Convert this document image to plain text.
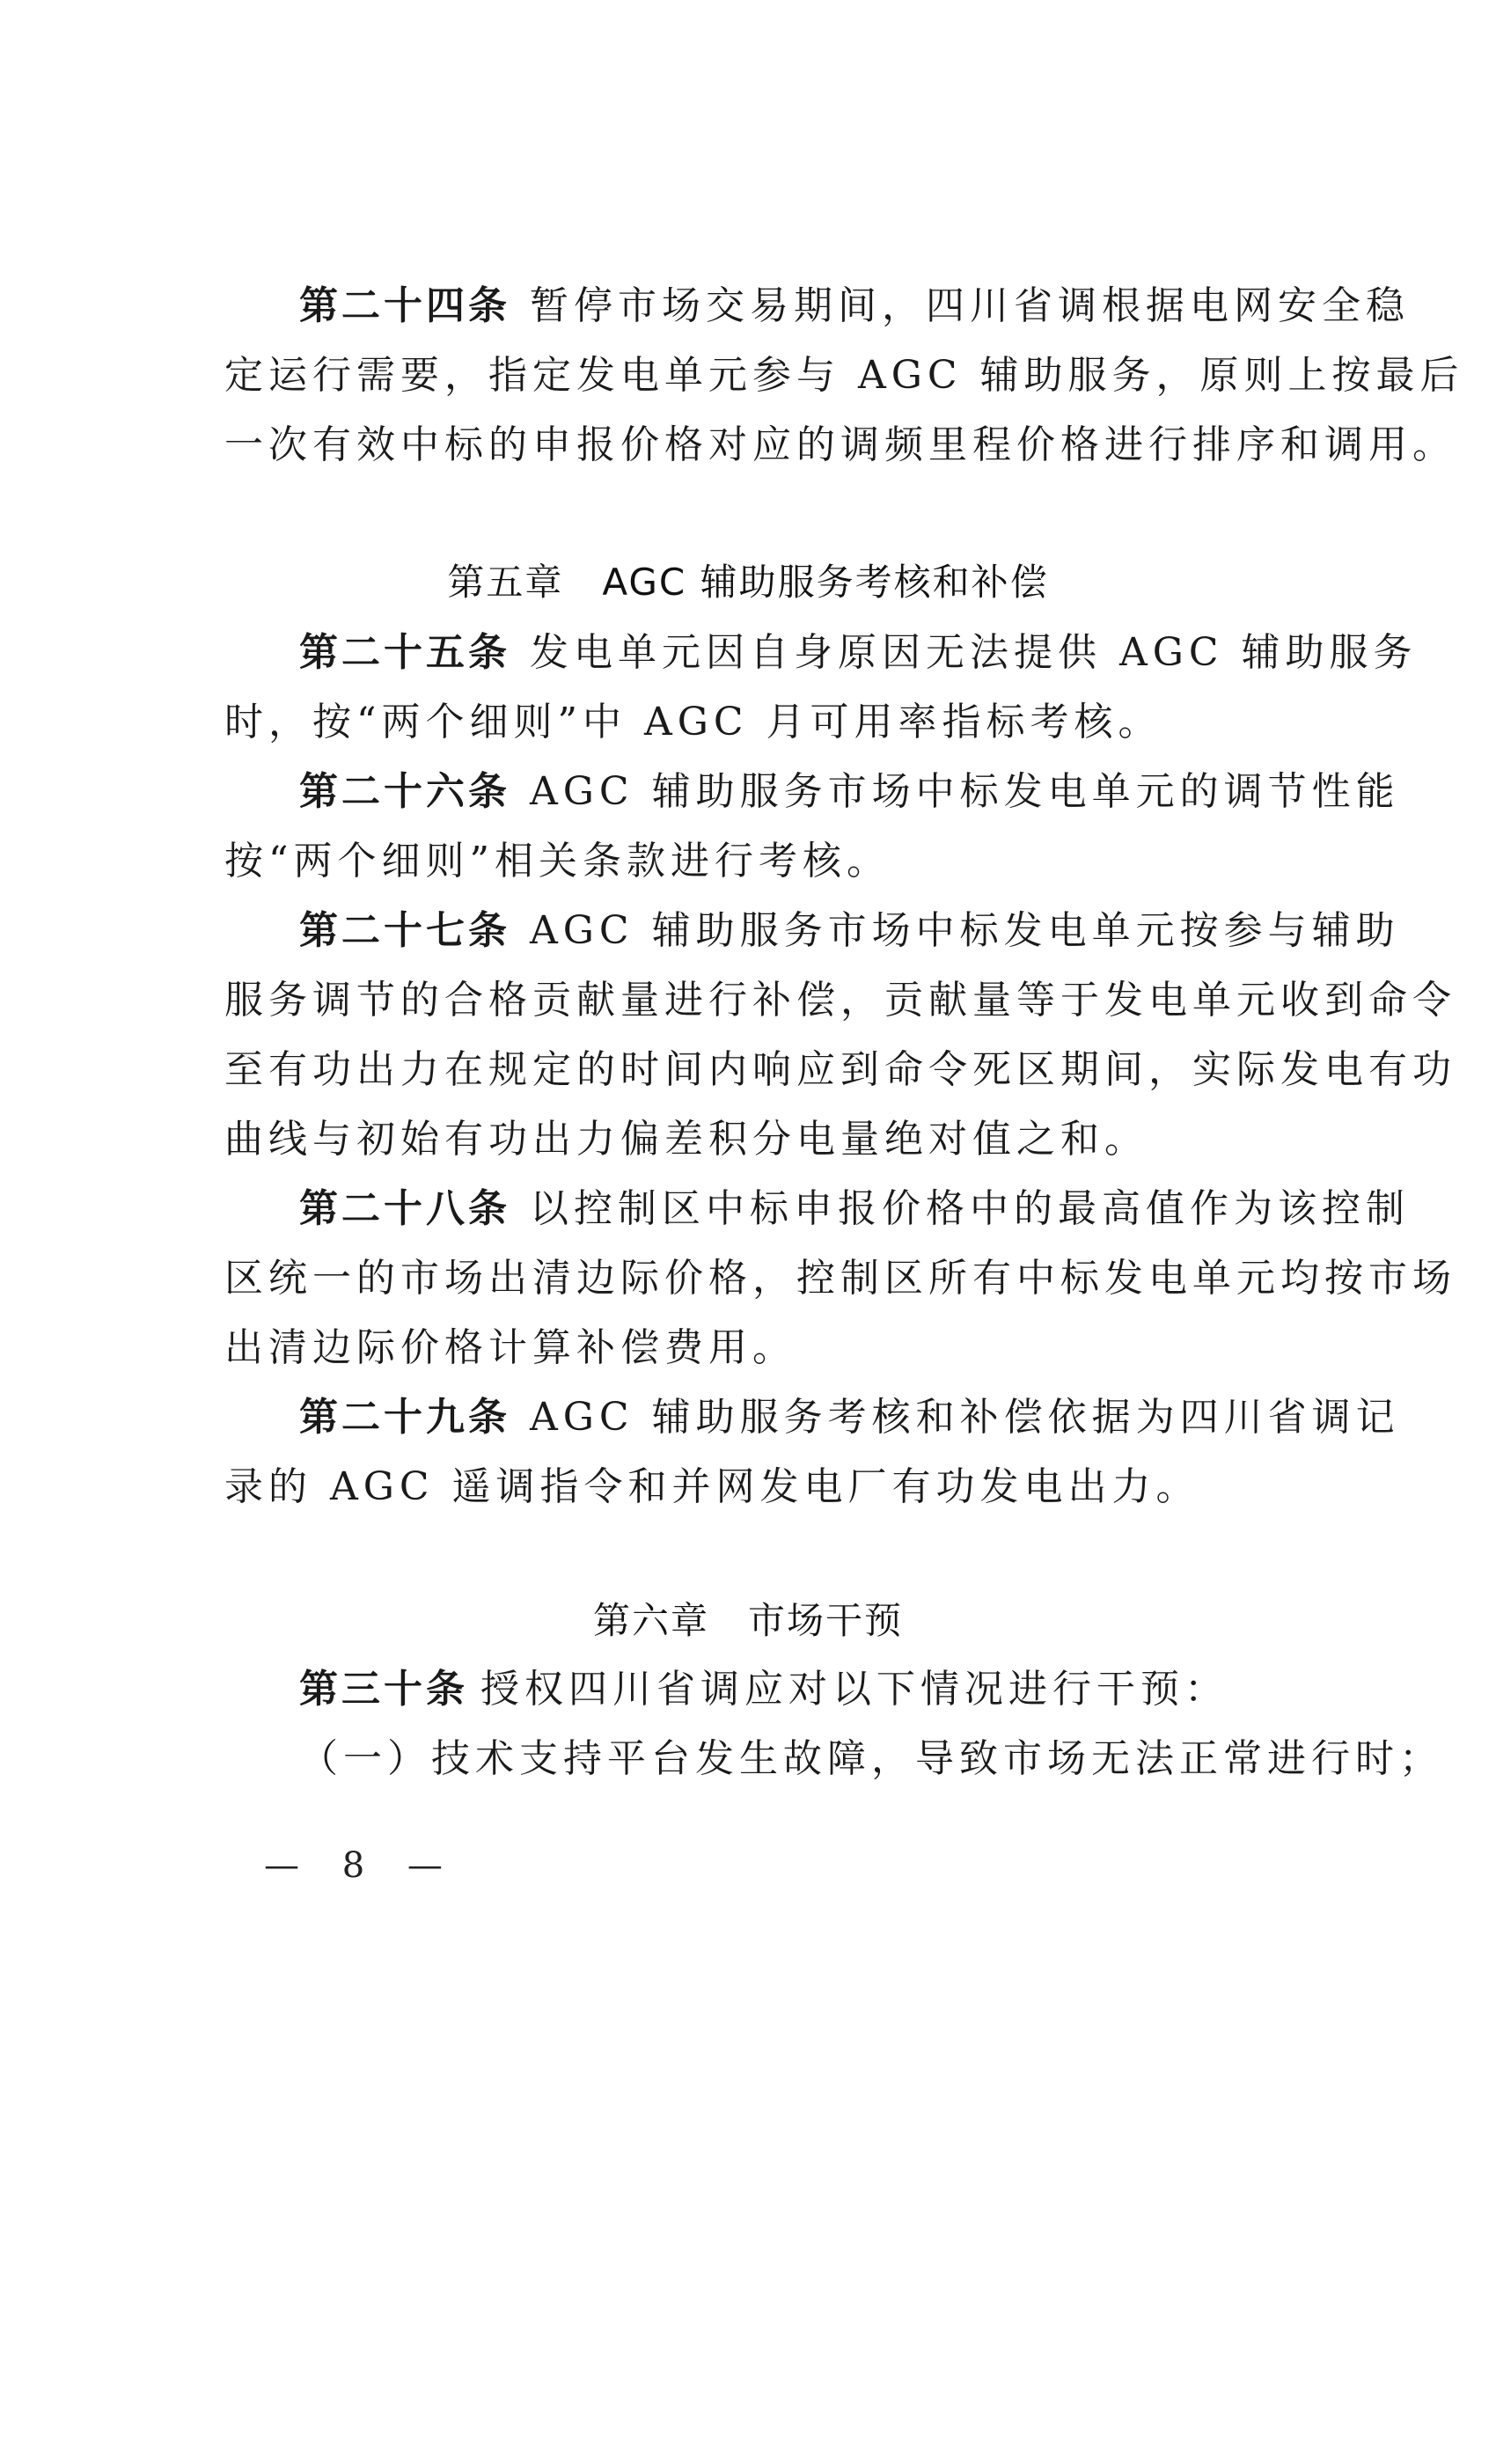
第二十四条 暂停市场交易期间，四川省调根据电网安全稳
定运行需要，指定发电单元参与 AGC 辅助服务，原则上按最后
一次有效中标的申报价格对应的调频里程价格进行排序和调用。
第五章　AGC 辅助服务考核和补偿
第二十五条 发电单元因自身原因无法提供 AGC 辅助服务
时，按“两个细则”中 AGC 月可用率指标考核。
第二十六条 AGC 辅助服务市场中标发电单元的调节性能
按“两个细则”相关条款进行考核。
第二十七条 AGC 辅助服务市场中标发电单元按参与辅助
服务调节的合格贡献量进行补偿，贡献量等于发电单元收到命令
至有功出力在规定的时间内响应到命令死区期间，实际发电有功
曲线与初始有功出力偏差积分电量绝对值之和。
第二十八条 以控制区中标申报价格中的最高值作为该控制
区统一的市场出清边际价格，控制区所有中标发电单元均按市场
出清边际价格计算补偿费用。
第二十九条 AGC 辅助服务考核和补偿依据为四川省调记
录的 AGC 遥调指令和并网发电厂有功发电出力。
第六章　市场干预
第三十条 授权四川省调应对以下情况进行干预：
（一）技术支持平台发生故障，导致市场无法正常进行时；
— 8 —
